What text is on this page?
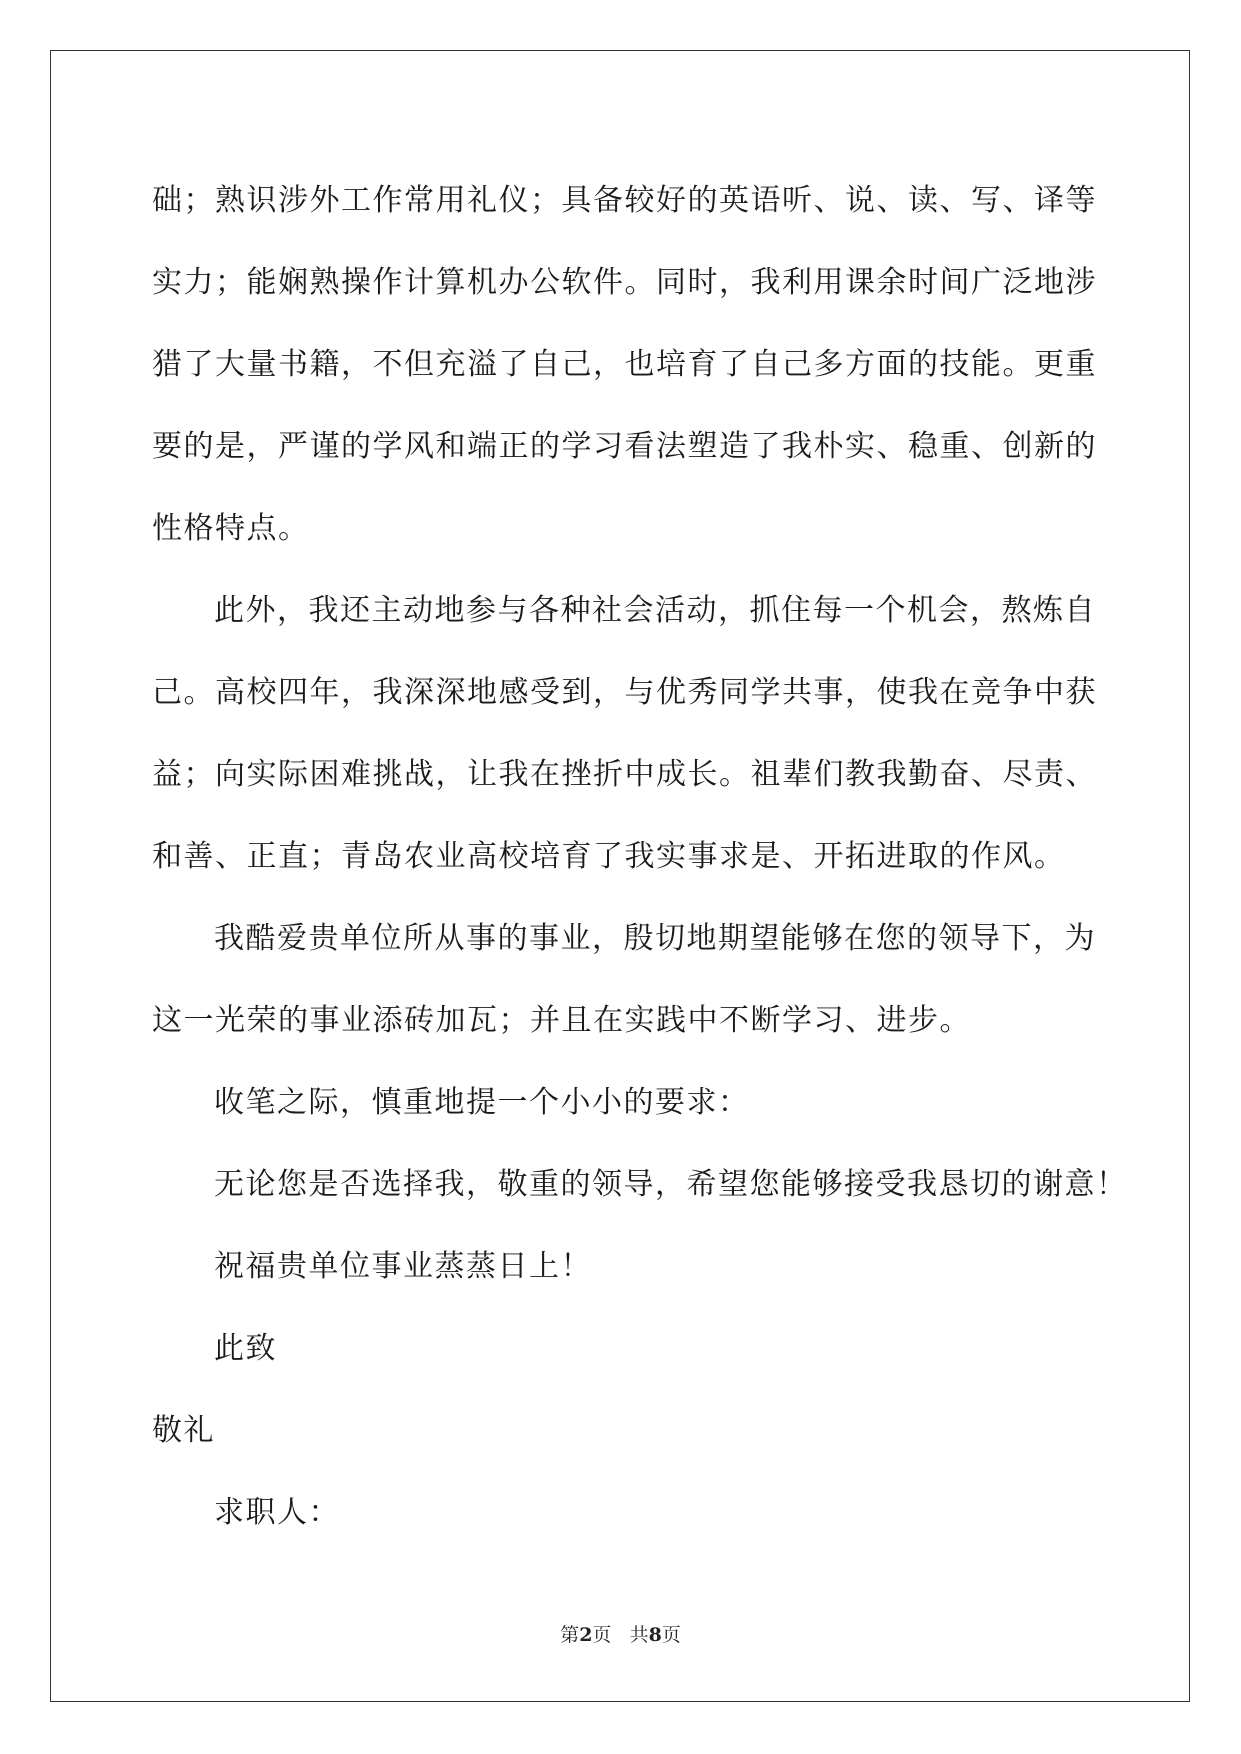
础；熟识涉外工作常用礼仪；具备较好的英语听、说、读、写、译等
实力；能娴熟操作计算机办公软件。同时，我利用课余时间广泛地涉
猎了大量书籍，不但充溢了自己，也培育了自己多方面的技能。更重
要的是，严谨的学风和端正的学习看法塑造了我朴实、稳重、创新的
性格特点。
此外，我还主动地参与各种社会活动，抓住每一个机会，熬炼自
己。高校四年，我深深地感受到，与优秀同学共事，使我在竞争中获
益；向实际困难挑战，让我在挫折中成长。祖辈们教我勤奋、尽责、
和善、正直；青岛农业高校培育了我实事求是、开拓进取的作风。
我酷爱贵单位所从事的事业，殷切地期望能够在您的领导下，为
这一光荣的事业添砖加瓦；并且在实践中不断学习、进步。
收笔之际，慎重地提一个小小的要求：
无论您是否选择我，敬重的领导，希望您能够接受我恳切的谢意！
祝福贵单位事业蒸蒸日上！
此致
敬礼
求职人：
第2页 共8页
